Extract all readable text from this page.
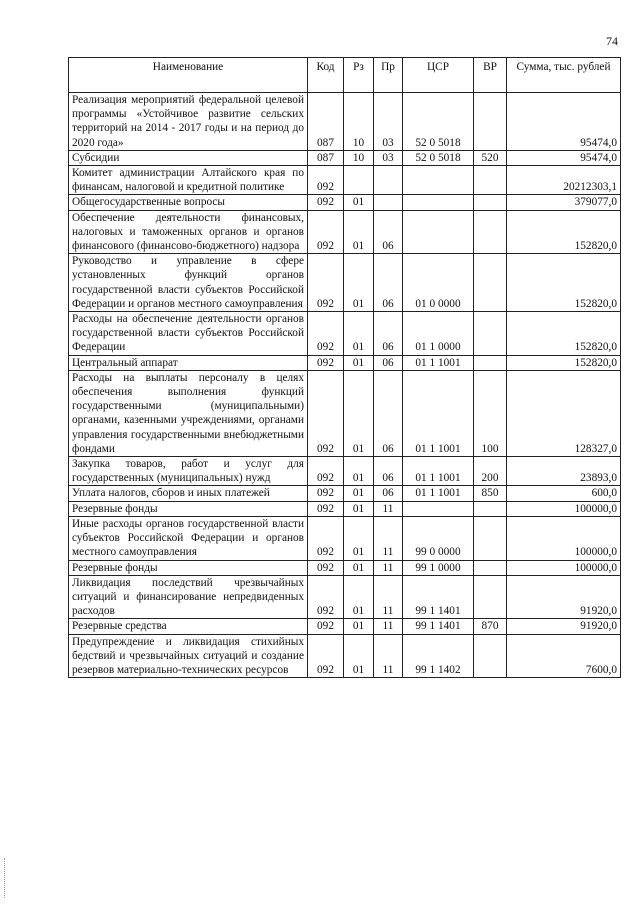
74
Наименование	Код	Рз	Пр	ЦСР	ВР	Сумма, тыс. рублей
Реализация мероприятий федеральной целевой программы «Устойчивое развитие сельских территорий на 2014 - 2017 годы и на период до 2020 года»	087	10	03	52 0 5018		95474,0
Субсидии	087	10	03	52 0 5018	520	95474,0
Комитет администрации Алтайского края по финансам, налоговой и кредитной политике	092					20212303,1
Общегосударственные вопросы	092	01				379077,0
Обеспечение деятельности финансовых, налоговых и таможенных органов и органов финансового (финансово-бюджетного) надзора	092	01	06			152820,0
Руководство и управление в сфере установленных функций органов государственной власти субъектов Российской Федерации и органов местного самоуправления	092	01	06	01 0 0000		152820,0
Расходы на обеспечение деятельности органов государственной власти субъектов Российской Федерации	092	01	06	01 1 0000		152820,0
Центральный аппарат	092	01	06	01 1 1001		152820,0
Расходы на выплаты персоналу в целях обеспечения выполнения функций государственными (муниципальными) органами, казенными учреждениями, органами управления государственными внебюджетными фондами	092	01	06	01 1 1001	100	128327,0
Закупка товаров, работ и услуг для государственных (муниципальных) нужд	092	01	06	01 1 1001	200	23893,0
Уплата налогов, сборов и иных платежей	092	01	06	01 1 1001	850	600,0
Резервные фонды	092	01	11			100000,0
Иные расходы органов государственной власти субъектов Российской Федерации и органов местного самоуправления	092	01	11	99 0 0000		100000,0
Резервные фонды	092	01	11	99 1 0000		100000,0
Ликвидация последствий чрезвычайных ситуаций и финансирование непредвиденных расходов	092	01	11	99 1 1401		91920,0
Резервные средства	092	01	11	99 1 1401	870	91920,0
Предупреждение и ликвидация стихийных бедствий и чрезвычайных ситуаций и создание резервов материально-технических ресурсов	092	01	11	99 1 1402		7600,0
